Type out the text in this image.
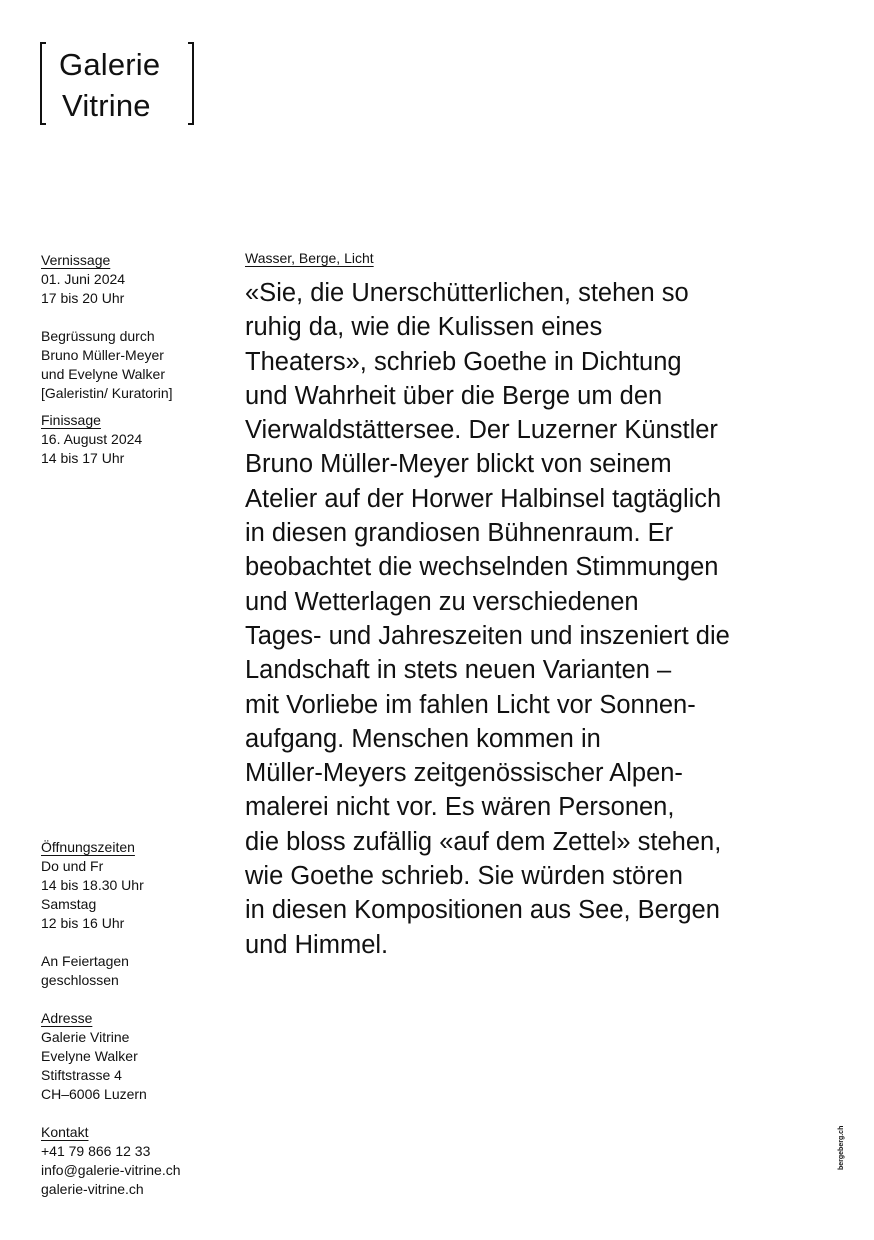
Galerie
Vitrine
Vernissage
01. Juni 2024
17 bis 20 Uhr
Begrüssung durch
Bruno Müller-Meyer
und Evelyne Walker
[Galeristin/ Kuratorin]
Finissage
16. August 2024
14 bis 17 Uhr
Öffnungszeiten
Do und Fr
14 bis 18.30 Uhr
Samstag
12 bis 16 Uhr
An Feiertagen
geschlossen
Adresse
Galerie Vitrine
Evelyne Walker
Stiftstrasse 4
CH–6006 Luzern
Kontakt
+41 79 866 12 33
info@galerie-vitrine.ch
galerie-vitrine.ch
Wasser, Berge, Licht
«Sie, die Unerschütterlichen, stehen so
ruhig da, wie die Kulissen eines
Theaters», schrieb Goethe in Dichtung
und Wahrheit über die Berge um den
Vierwaldstättersee. Der Luzerner Künstler
Bruno Müller-Meyer blickt von seinem
Atelier auf der Horwer Halbinsel tagtäglich
in diesen grandiosen Bühnenraum. Er
beobachtet die wechselnden Stimmungen
und Wetterlagen zu verschiedenen
Tages- und Jahreszeiten und inszeniert die
Landschaft in stets neuen Varianten –
mit Vorliebe im fahlen Licht vor Sonnen-
aufgang. Menschen kommen in
Müller-Meyers zeitgenössischer Alpen-
malerei nicht vor. Es wären Personen,
die bloss zufällig «auf dem Zettel» stehen,
wie Goethe schrieb. Sie würden stören
in diesen Kompositionen aus See, Bergen
und Himmel.
bergeberg.ch
